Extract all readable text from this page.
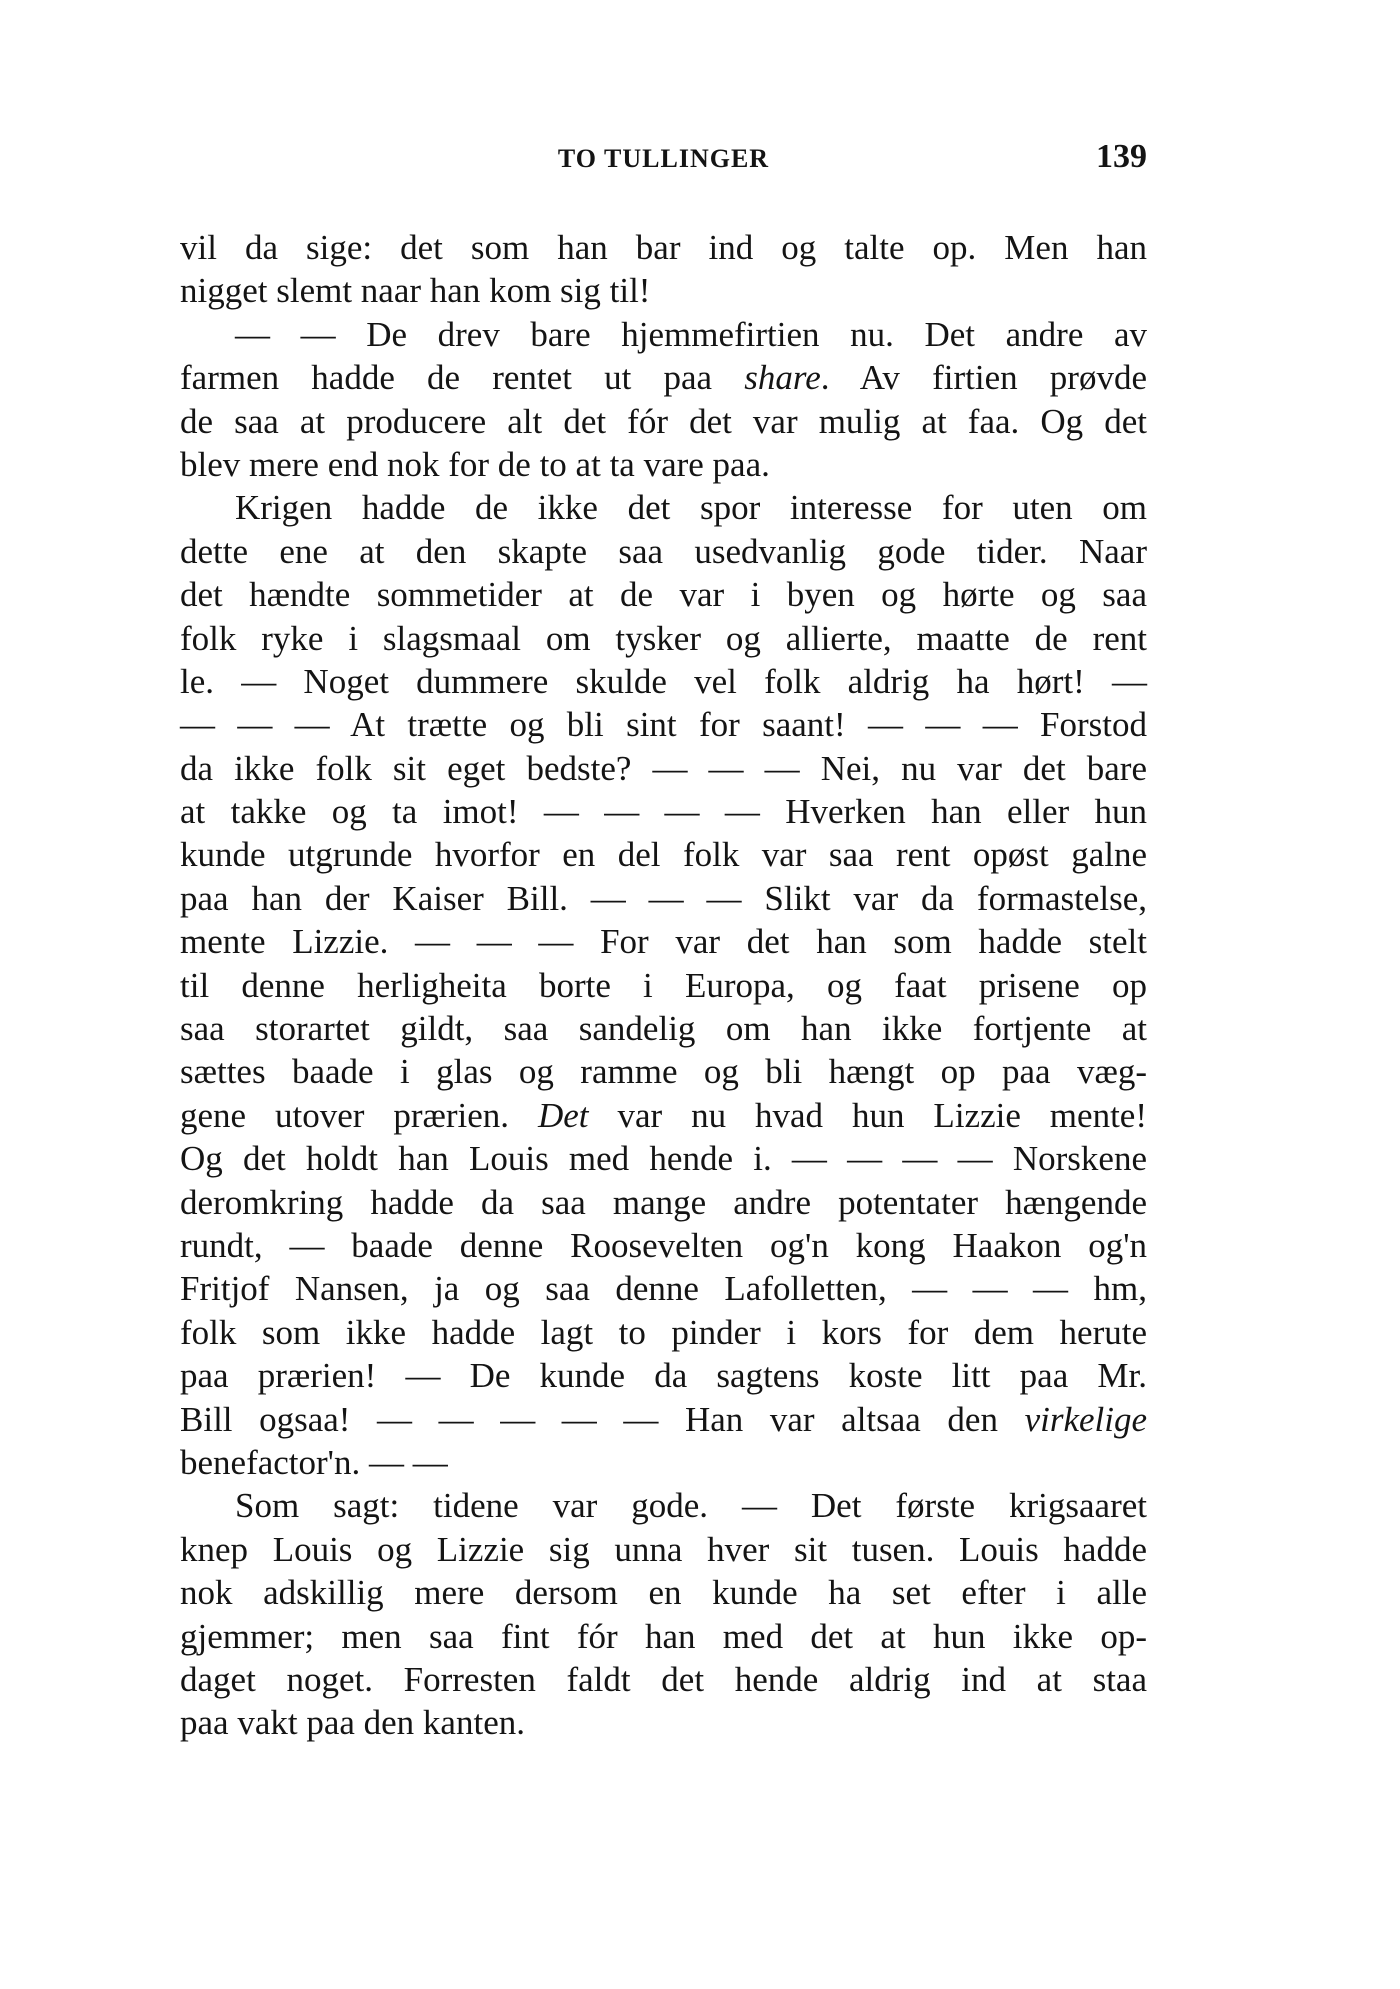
TO TULLINGER	139
vil da sige: det som han bar ind og talte op. Men han
nigget slemt naar han kom sig til!
— — De drev bare hjemmefirtien nu. Det andre av
farmen hadde de rentet ut paa share. Av firtien prøvde
de saa at producere alt det fór det var mulig at faa. Og det
blev mere end nok for de to at ta vare paa.
Krigen hadde de ikke det spor interesse for uten om
dette ene at den skapte saa usedvanlig gode tider. Naar
det hændte sommetider at de var i byen og hørte og saa
folk ryke i slagsmaal om tysker og allierte, maatte de rent
le. — Noget dummere skulde vel folk aldrig ha hørt! —
— — — At trætte og bli sint for saant! — — — Forstod
da ikke folk sit eget bedste? — — — Nei, nu var det bare
at takke og ta imot! — — — — Hverken han eller hun
kunde utgrunde hvorfor en del folk var saa rent opøst galne
paa han der Kaiser Bill. — — — Slikt var da formastelse,
mente Lizzie. — — — For var det han som hadde stelt
til denne herligheita borte i Europa, og faat prisene op
saa storartet gildt, saa sandelig om han ikke fortjente at
sættes baade i glas og ramme og bli hængt op paa væg-
gene utover prærien. Det var nu hvad hun Lizzie mente!
Og det holdt han Louis med hende i. — — — — Norskene
deromkring hadde da saa mange andre potentater hængende
rundt, — baade denne Roosevelten og'n kong Haakon og'n
Fritjof Nansen, ja og saa denne Lafolletten, — — — hm,
folk som ikke hadde lagt to pinder i kors for dem herute
paa prærien! — De kunde da sagtens koste litt paa Mr.
Bill ogsaa! — — — — — Han var altsaa den virkelige
benefactor'n. — —
Som sagt: tidene var gode. — Det første krigsaaret
knep Louis og Lizzie sig unna hver sit tusen. Louis hadde
nok adskillig mere dersom en kunde ha set efter i alle
gjemmer; men saa fint fór han med det at hun ikke op-
daget noget. Forresten faldt det hende aldrig ind at staa
paa vakt paa den kanten.
